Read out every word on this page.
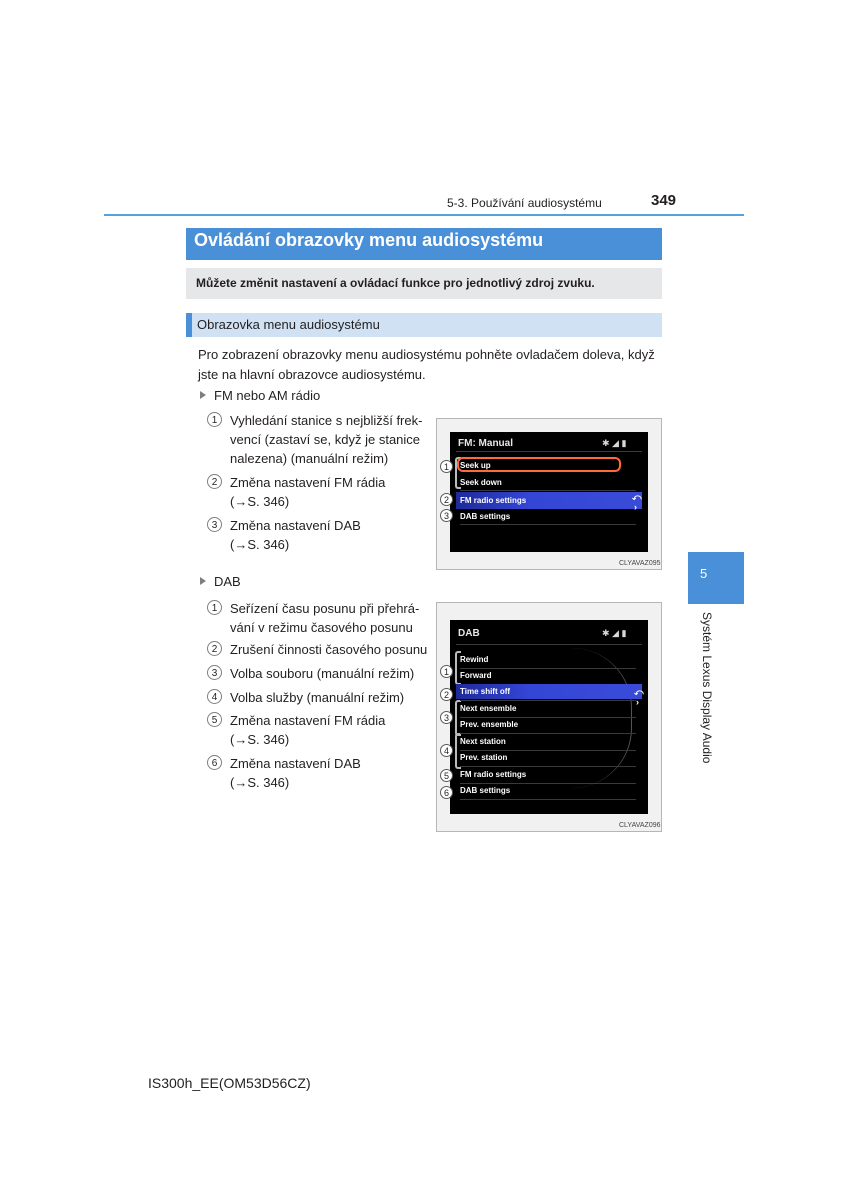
5-3. Používání audiosystému	349
5
Systém Lexus Display Audio
Ovládání obrazovky menu audiosystému
Můžete změnit nastavení a ovládací funkce pro jednotlivý zdroj zvuku.
Obrazovka menu audiosystému
Pro zobrazení obrazovky menu audiosystému pohněte ovladačem doleva, když jste na hlavní obrazovce audiosystému.
FM nebo AM rádio
1 Vyhledání stanice s nejbližší frek-
vencí (zastaví se, když je stanice
nalezena) (manuální režim)
2 Změna nastavení FM rádia
(→S. 346)
3 Změna nastavení DAB
(→S. 346)
FM: Manual	✱ ◢ ▮
Seek up
Seek down
FM radio settings	⤺
›
DAB settings
1
2
3
CLYAVAZ095
DAB
1 Seřízení času posunu při přehrá-
vání v režimu časového posunu
2 Zrušení činnosti časového posunu
3 Volba souboru (manuální režim)
4 Volba služby (manuální režim)
5 Změna nastavení FM rádia
(→S. 346)
6 Změna nastavení DAB
(→S. 346)
DAB	✱ ◢ ▮
Rewind
Forward
Time shift off
Next ensemble
Prev. ensemble
Next station
Prev. station
FM radio settings
DAB settings
⤺
›
1
2
3
4
5
6
CLYAVAZ096
IS300h_EE(OM53D56CZ)
